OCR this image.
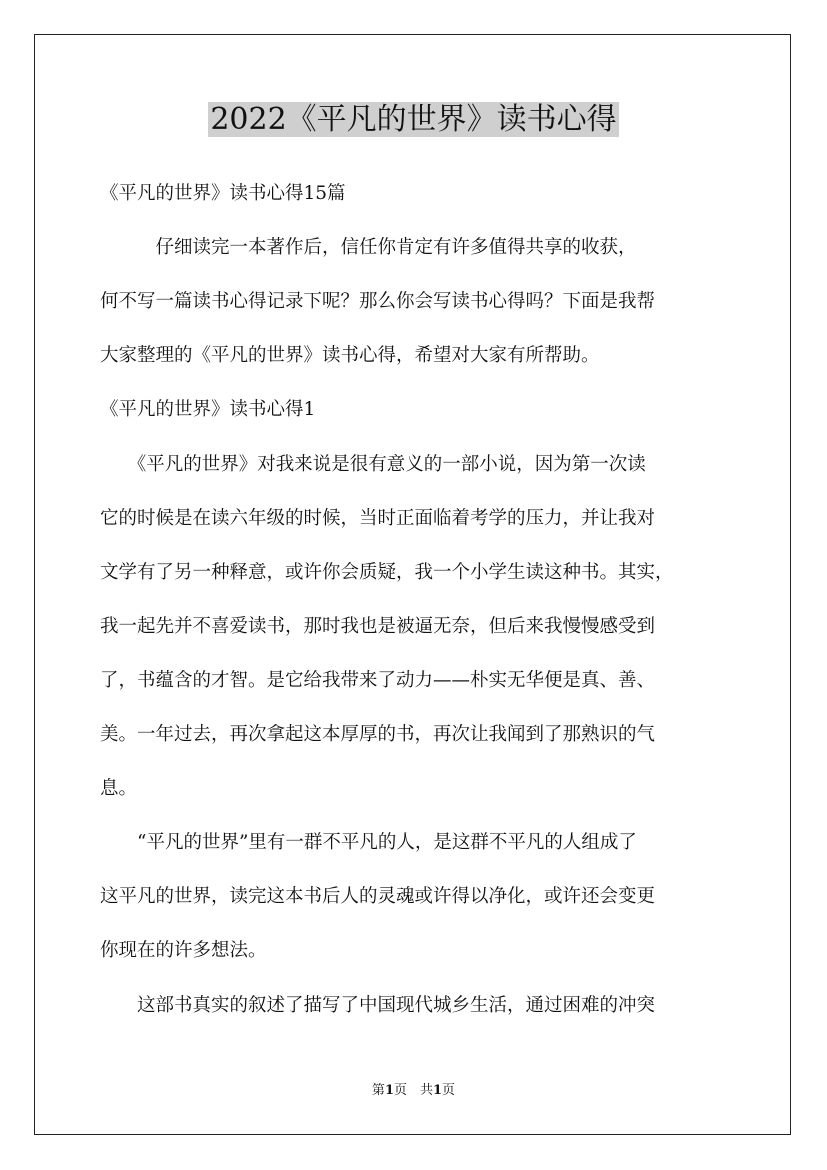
2022《平凡的世界》读书心得

《平凡的世界》读书心得15篇

　　　仔细读完一本著作后，信任你肯定有许多值得共享的收获，

何不写一篇读书心得记录下呢？那么你会写读书心得吗？下面是我帮

大家整理的《平凡的世界》读书心得，希望对大家有所帮助。

《平凡的世界》读书心得1

　　《平凡的世界》对我来说是很有意义的一部小说，因为第一次读

它的时候是在读六年级的时候，当时正面临着考学的压力，并让我对

文学有了另一种释意，或许你会质疑，我一个小学生读这种书。其实，

我一起先并不喜爱读书，那时我也是被逼无奈，但后来我慢慢感受到

了，书蕴含的才智。是它给我带来了动力——朴实无华便是真、善、

美。一年过去，再次拿起这本厚厚的书，再次让我闻到了那熟识的气

息。

　　“平凡的世界”里有一群不平凡的人，是这群不平凡的人组成了

这平凡的世界，读完这本书后人的灵魂或许得以净化，或许还会变更

你现在的许多想法。

　　这部书真实的叙述了描写了中国现代城乡生活，通过困难的冲突

第1页　共1页
